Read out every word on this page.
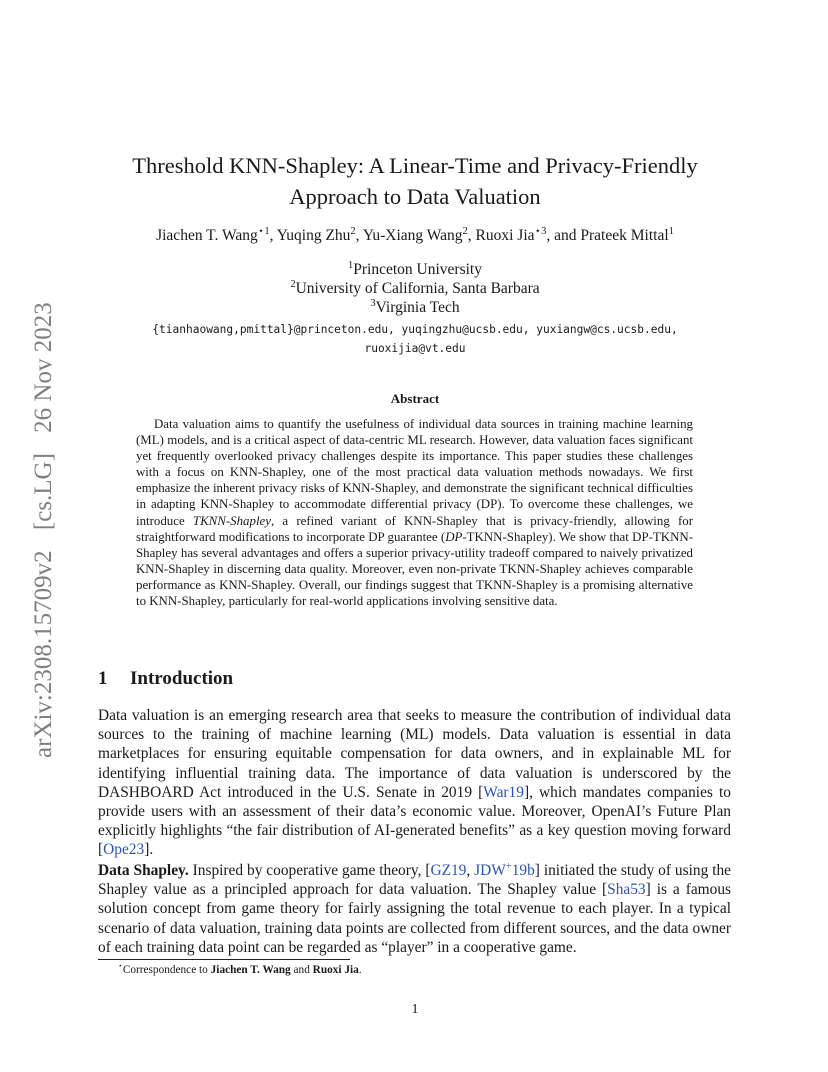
arXiv:2308.15709v2 [cs.LG] 26 Nov 2023
Threshold KNN-Shapley: A Linear-Time and Privacy-Friendly
Approach to Data Valuation
Jiachen T. Wang$^{⋆1}$, Yuqing Zhu$^2$, Yu-Xiang Wang$^2$, Ruoxi Jia$^{⋆3}$, and Prateek Mittal$^1$
$^1$Princeton University
$^2$University of California, Santa Barbara
$^3$Virginia Tech
{tianhaowang,pmittal}@princeton.edu, yuqingzhu@ucsb.edu, yuxiangw@cs.ucsb.edu,
ruoxijia@vt.edu
Abstract
Data valuation aims to quantify the usefulness of individual data sources in training machine learning (ML) models, and is a critical aspect of data-centric ML research. However, data valuation faces significant yet frequently overlooked privacy challenges despite its importance. This paper studies these challenges with a focus on KNN-Shapley, one of the most practical data valuation methods nowadays. We first emphasize the inherent privacy risks of KNN-Shapley, and demonstrate the significant technical difficulties in adapting KNN-Shapley to accommodate differential privacy (DP). To overcome these challenges, we introduce TKNN-Shapley, a refined variant of KNN-Shapley that is privacy-friendly, allowing for straightforward modifications to incorporate DP guarantee (DP-TKNN-Shapley). We show that DP-TKNN-Shapley has several advantages and offers a superior privacy-utility tradeoff compared to naively privatized KNN-Shapley in discerning data quality. Moreover, even non-private TKNN-Shapley achieves comparable performance as KNN-Shapley. Overall, our findings suggest that TKNN-Shapley is a promising alternative to KNN-Shapley, particularly for real-world applications involving sensitive data.
1 Introduction
Data valuation is an emerging research area that seeks to measure the contribution of individual data sources to the training of machine learning (ML) models. Data valuation is essential in data marketplaces for ensuring equitable compensation for data owners, and in explainable ML for identifying influential training data. The importance of data valuation is underscored by the DASHBOARD Act introduced in the U.S. Senate in 2019 [War19], which mandates companies to provide users with an assessment of their data’s economic value. Moreover, OpenAI’s Future Plan explicitly highlights “the fair distribution of AI-generated benefits” as a key question moving forward [Ope23].
Data Shapley. Inspired by cooperative game theory, [GZ19, JDW+19b] initiated the study of using the Shapley value as a principled approach for data valuation. The Shapley value [Sha53] is a famous solution concept from game theory for fairly assigning the total revenue to each player. In a typical scenario of data valuation, training data points are collected from different sources, and the data owner of each training data point can be regarded as “player” in a cooperative game.
⋆Correspondence to Jiachen T. Wang and Ruoxi Jia.
1
